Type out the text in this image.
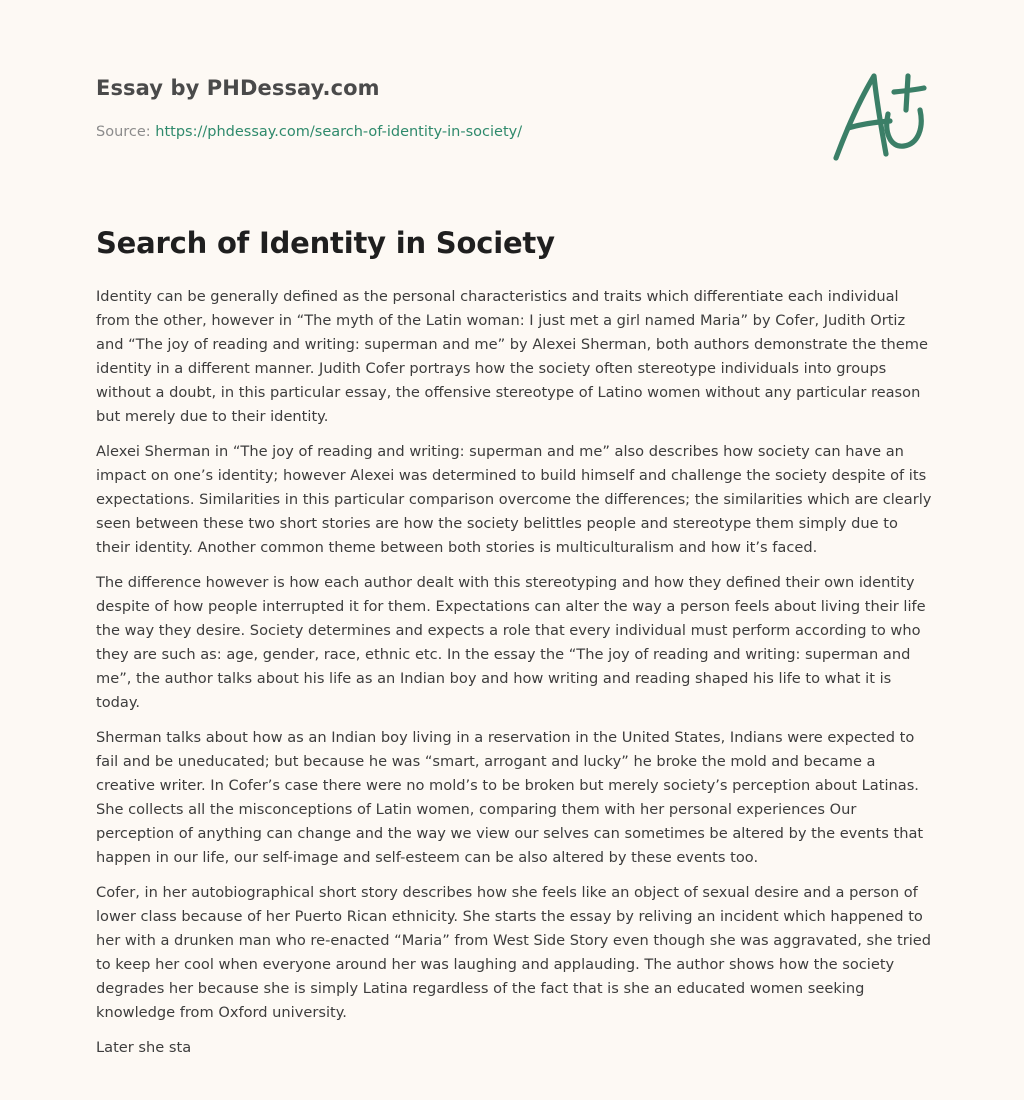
Essay by PHDessay.com
Source: https://phdessay.com/search-of-identity-in-society/
Search of Identity in Society

Identity can be generally defined as the personal characteristics and traits which differentiate each individual from the other, however in “The myth of the Latin woman: I just met a girl named Maria” by Cofer, Judith Ortiz and “The joy of reading and writing: superman and me” by Alexei Sherman, both authors demonstrate the theme identity in a different manner. Judith Cofer portrays how the society often stereotype individuals into groups without a doubt, in this particular essay, the offensive stereotype of Latino women without any particular reason but merely due to their identity.

Alexei Sherman in “The joy of reading and writing: superman and me” also describes how society can have an impact on one’s identity; however Alexei was determined to build himself and challenge the society despite of its expectations. Similarities in this particular comparison overcome the differences; the similarities which are clearly seen between these two short stories are how the society belittles people and stereotype them simply due to their identity. Another common theme between both stories is multiculturalism and how it’s faced.

The difference however is how each author dealt with this stereotyping and how they defined their own identity despite of how people interrupted it for them. Expectations can alter the way a person feels about living their life the way they desire. Society determines and expects a role that every individual must perform according to who they are such as: age, gender, race, ethnic etc. In the essay the “The joy of reading and writing: superman and me”, the author talks about his life as an Indian boy and how writing and reading shaped his life to what it is today.

Sherman talks about how as an Indian boy living in a reservation in the United States, Indians were expected to fail and be uneducated; but because he was “smart, arrogant and lucky” he broke the mold and became a creative writer. In Cofer’s case there were no mold’s to be broken but merely society’s perception about Latinas. She collects all the misconceptions of Latin women, comparing them with her personal experiences Our perception of anything can change and the way we view our selves can sometimes be altered by the events that happen in our life, our self-image and self-esteem can be also altered by these events too.

Cofer, in her autobiographical short story describes how she feels like an object of sexual desire and a person of lower class because of her Puerto Rican ethnicity. She starts the essay by reliving an incident which happened to her with a drunken man who re-enacted “Maria” from West Side Story even though she was aggravated, she tried to keep her cool when everyone around her was laughing and applauding. The author shows how the society degrades her because she is simply Latina regardless of the fact that is she an educated women seeking knowledge from Oxford university.

Later she sta
